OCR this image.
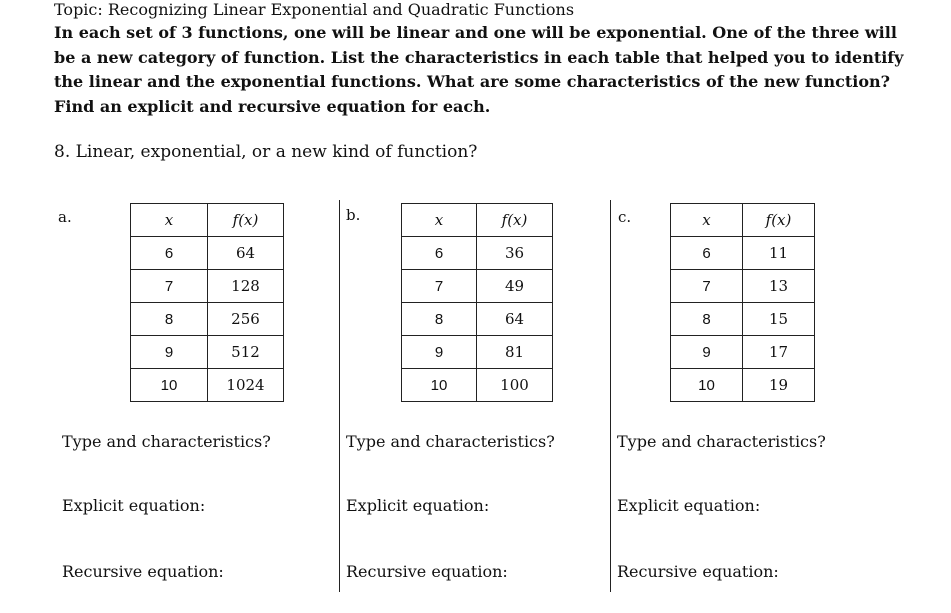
Topic: Recognizing Linear Exponential and Quadratic Functions
In each set of 3 functions, one will be linear and one will be exponential. One of the three will be a new category of function. List the characteristics in each table that helped you to identify the linear and the exponential functions. What are some characteristics of the new function? Find an explicit and recursive equation for each.
8. Linear, exponential, or a new kind of function?
a.	x	f(x)
6	64
7	128
8	256
9	512
10	1024
Type and characteristics?
Explicit equation:
Recursive equation:
b.	x	f(x)
6	36
7	49
8	64
9	81
10	100
Type and characteristics?
Explicit equation:
Recursive equation:
c.	x	f(x)
6	11
7	13
8	15
9	17
10	19
Type and characteristics?
Explicit equation:
Recursive equation:
